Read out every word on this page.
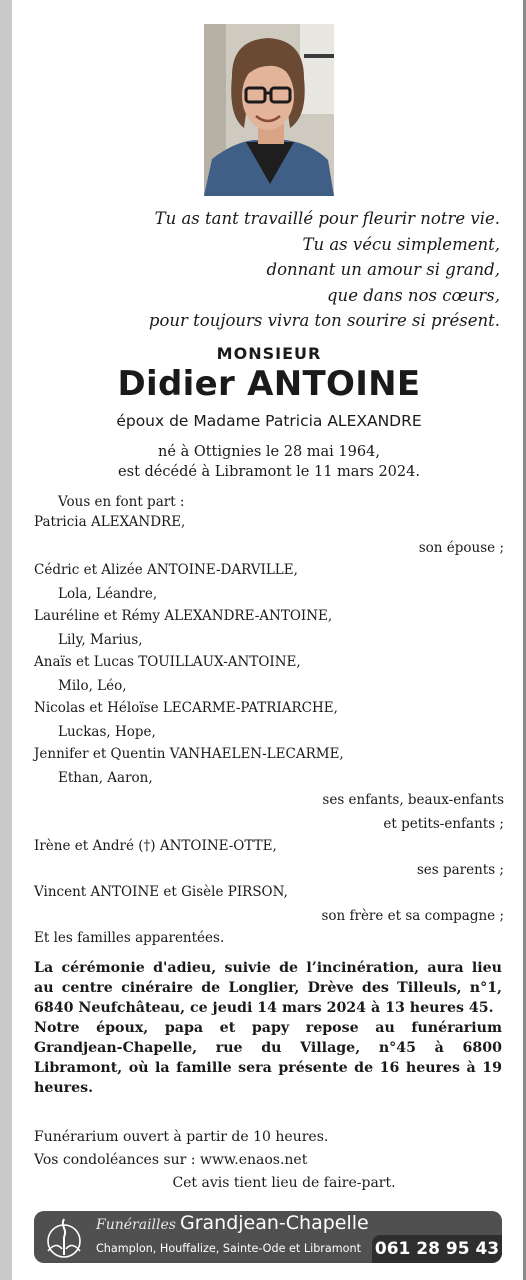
Tu as tant travaillé pour fleurir notre vie.
Tu as vécu simplement,
donnant un amour si grand,
que dans nos cœurs,
pour toujours vivra ton sourire si présent.
MONSIEUR
Didier ANTOINE
époux de Madame Patricia ALEXANDRE
né à Ottignies le 28 mai 1964,
est décédé à Libramont le 11 mars 2024.
Vous en font part :
Patricia ALEXANDRE,
son épouse ;
Cédric et Alizée ANTOINE-DARVILLE,
Lola, Léandre,
Lauréline et Rémy ALEXANDRE-ANTOINE,
Lily, Marius,
Anaïs et Lucas TOUILLAUX-ANTOINE,
Milo, Léo,
Nicolas et Héloïse LECARME-PATRIARCHE,
Luckas, Hope,
Jennifer et Quentin VANHAELEN-LECARME,
Ethan, Aaron,
ses enfants, beaux-enfants
et petits-enfants ;
Irène et André (†) ANTOINE-OTTE,
ses parents ;
Vincent ANTOINE et Gisèle PIRSON,
son frère et sa compagne ;
Et les familles apparentées.
La cérémonie d'adieu, suivie de l’incinération, aura lieu au centre cinéraire de Longlier, Drève des Tilleuls, n°1, 6840 Neufchâteau, ce jeudi 14 mars 2024 à 13 heures 45.
Notre époux, papa et papy repose au funérarium Grandjean-Chapelle, rue du Village, n°45 à 6800 Libramont, où la famille sera présente de 16 heures à 19 heures.
Funérarium ouvert à partir de 10 heures.
Vos condoléances sur : www.enaos.net
Cet avis tient lieu de faire-part.
Funérailles Grandjean-Chapelle
Champlon, Houffalize, Sainte-Ode et Libramont 061 28 95 43
